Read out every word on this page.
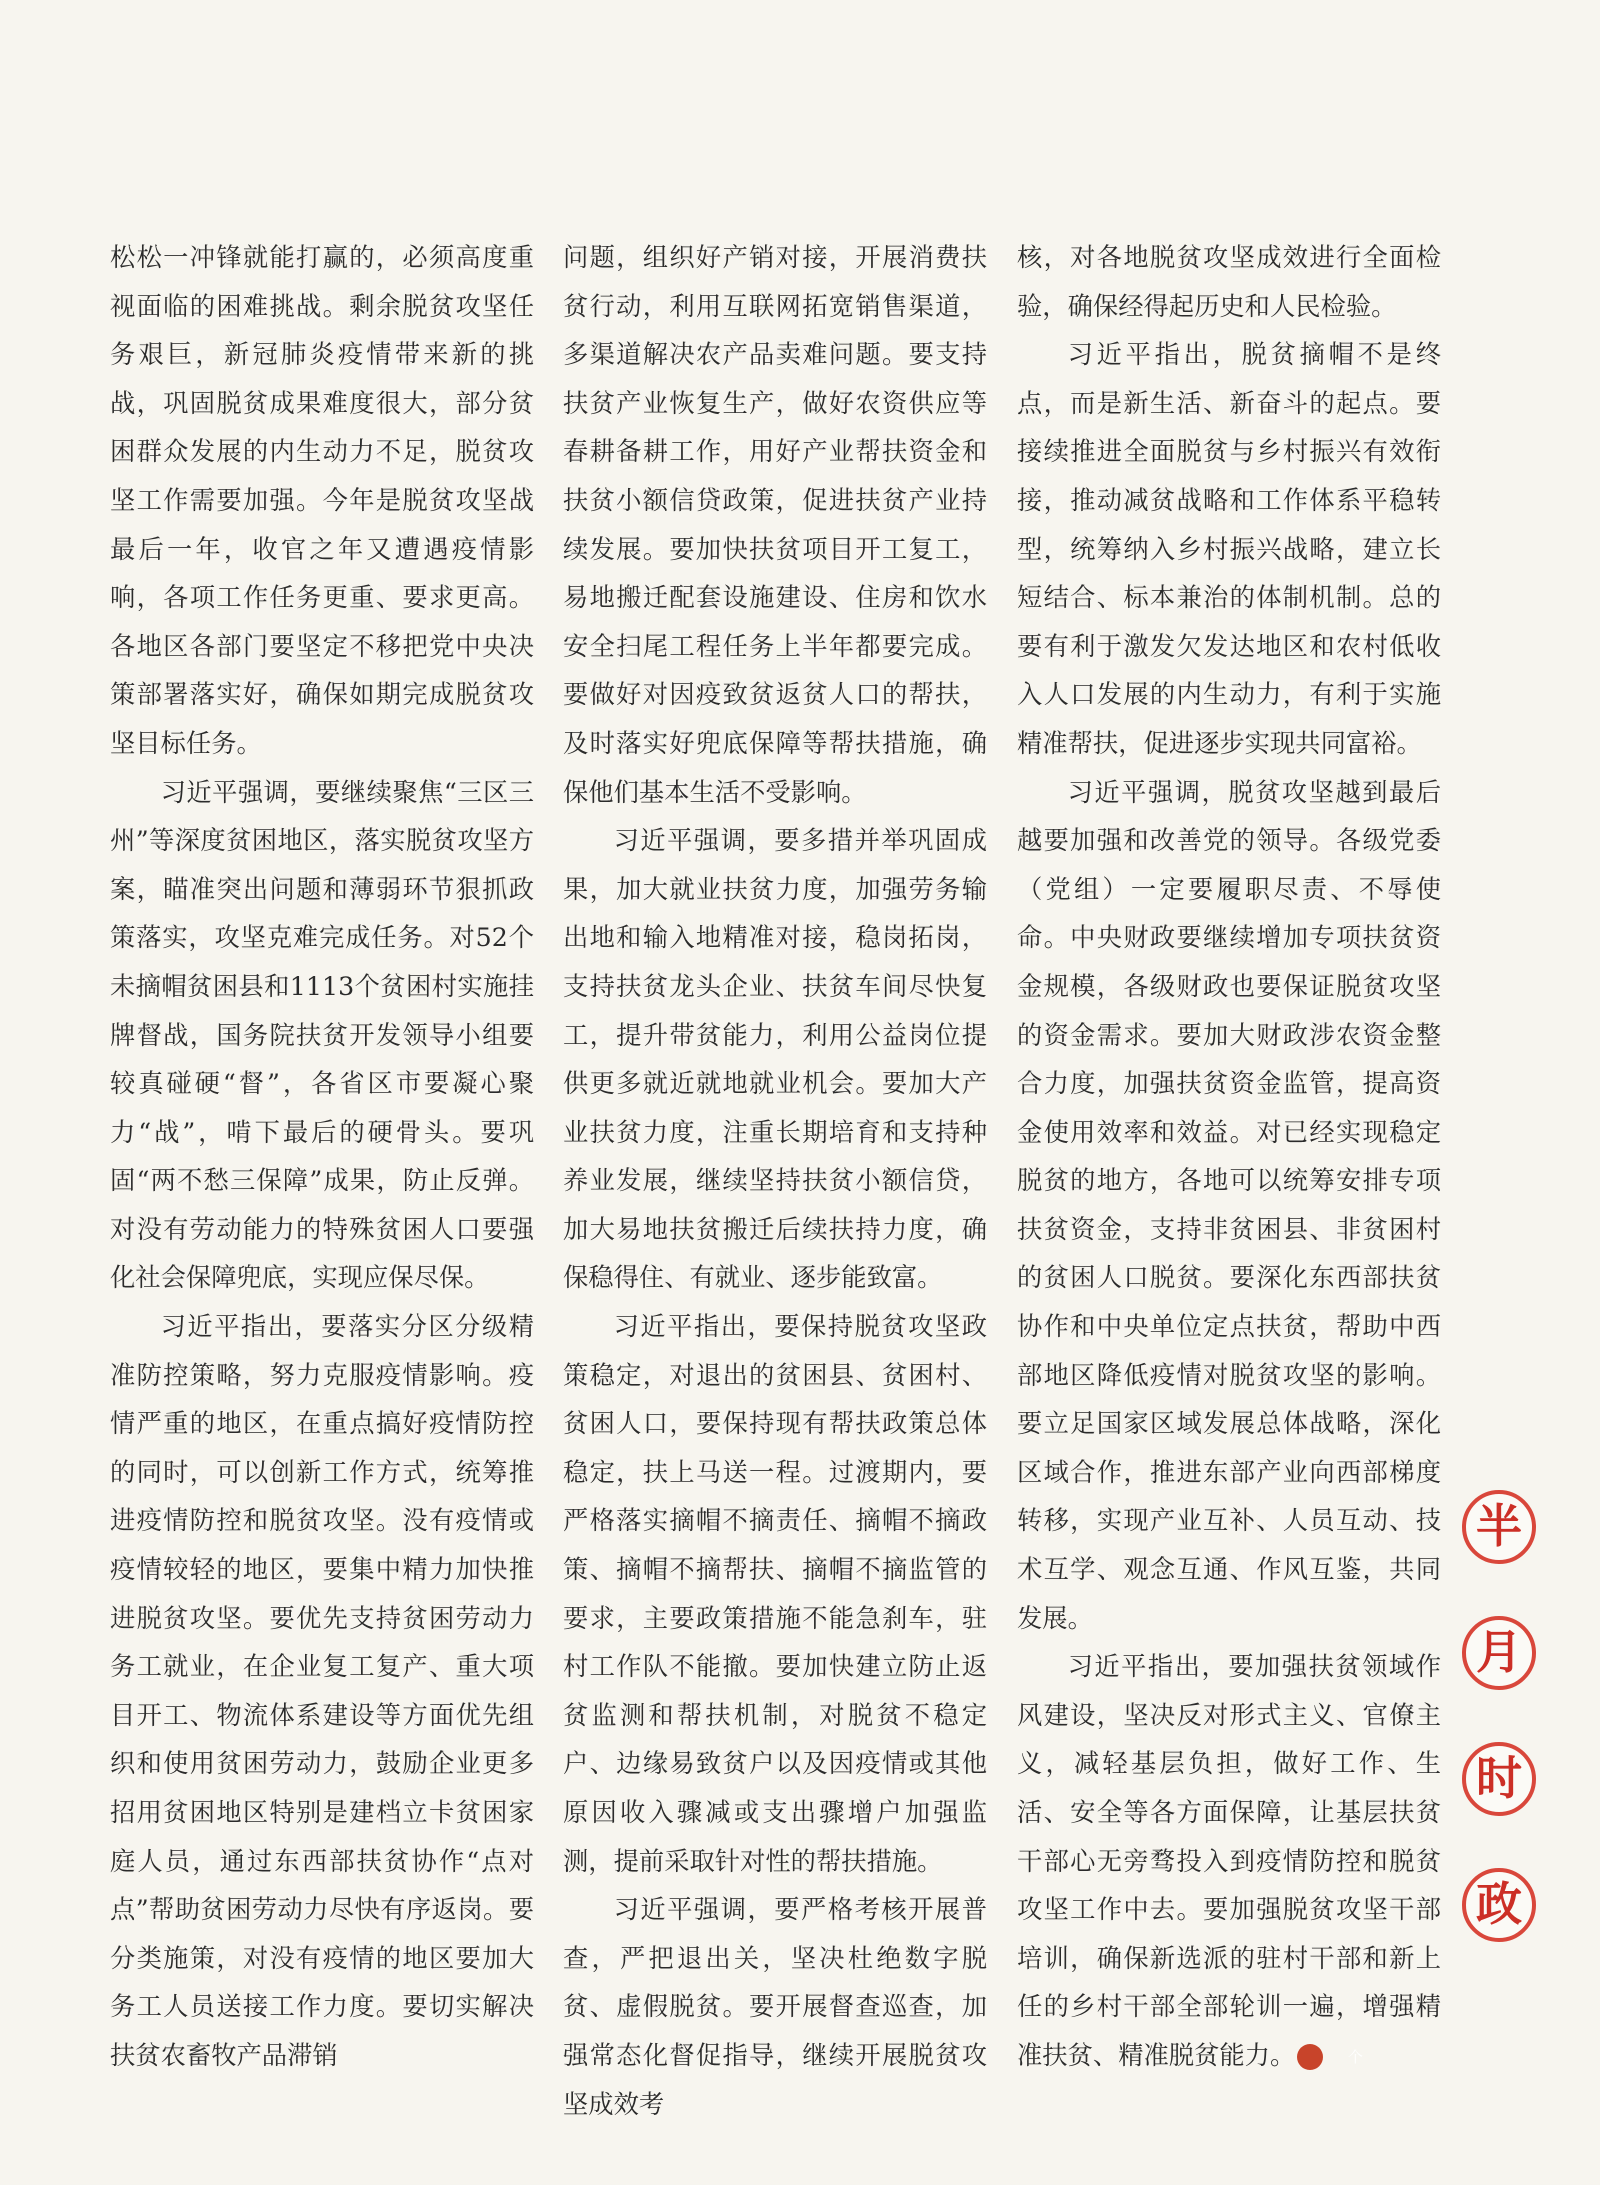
松松一冲锋就能打赢的，必须高度重视面临的困难挑战。剩余脱贫攻坚任务艰巨，新冠肺炎疫情带来新的挑战，巩固脱贫成果难度很大，部分贫困群众发展的内生动力不足，脱贫攻坚工作需要加强。今年是脱贫攻坚战最后一年，收官之年又遭遇疫情影响，各项工作任务更重、要求更高。各地区各部门要坚定不移把党中央决策部署落实好，确保如期完成脱贫攻坚目标任务。

习近平强调，要继续聚焦“三区三州”等深度贫困地区，落实脱贫攻坚方案，瞄准突出问题和薄弱环节狠抓政策落实，攻坚克难完成任务。对52个未摘帽贫困县和1113个贫困村实施挂牌督战，国务院扶贫开发领导小组要较真碰硬“督”，各省区市要凝心聚力“战”，啃下最后的硬骨头。要巩固“两不愁三保障”成果，防止反弹。对没有劳动能力的特殊贫困人口要强化社会保障兜底，实现应保尽保。

习近平指出，要落实分区分级精准防控策略，努力克服疫情影响。疫情严重的地区，在重点搞好疫情防控的同时，可以创新工作方式，统筹推进疫情防控和脱贫攻坚。没有疫情或疫情较轻的地区，要集中精力加快推进脱贫攻坚。要优先支持贫困劳动力务工就业，在企业复工复产、重大项目开工、物流体系建设等方面优先组织和使用贫困劳动力，鼓励企业更多招用贫困地区特别是建档立卡贫困家庭人员，通过东西部扶贫协作“点对点”帮助贫困劳动力尽快有序返岗。要分类施策，对没有疫情的地区要加大务工人员送接工作力度。要切实解决扶贫农畜牧产品滞销

问题，组织好产销对接，开展消费扶贫行动，利用互联网拓宽销售渠道，多渠道解决农产品卖难问题。要支持扶贫产业恢复生产，做好农资供应等春耕备耕工作，用好产业帮扶资金和扶贫小额信贷政策，促进扶贫产业持续发展。要加快扶贫项目开工复工，易地搬迁配套设施建设、住房和饮水安全扫尾工程任务上半年都要完成。要做好对因疫致贫返贫人口的帮扶，及时落实好兜底保障等帮扶措施，确保他们基本生活不受影响。

习近平强调，要多措并举巩固成果，加大就业扶贫力度，加强劳务输出地和输入地精准对接，稳岗拓岗，支持扶贫龙头企业、扶贫车间尽快复工，提升带贫能力，利用公益岗位提供更多就近就地就业机会。要加大产业扶贫力度，注重长期培育和支持种养业发展，继续坚持扶贫小额信贷，加大易地扶贫搬迁后续扶持力度，确保稳得住、有就业、逐步能致富。

习近平指出，要保持脱贫攻坚政策稳定，对退出的贫困县、贫困村、贫困人口，要保持现有帮扶政策总体稳定，扶上马送一程。过渡期内，要严格落实摘帽不摘责任、摘帽不摘政策、摘帽不摘帮扶、摘帽不摘监管的要求，主要政策措施不能急刹车，驻村工作队不能撤。要加快建立防止返贫监测和帮扶机制，对脱贫不稳定户、边缘易致贫户以及因疫情或其他原因收入骤减或支出骤增户加强监测，提前采取针对性的帮扶措施。

习近平强调，要严格考核开展普查，严把退出关，坚决杜绝数字脱贫、虚假脱贫。要开展督查巡查，加强常态化督促指导，继续开展脱贫攻坚成效考

核，对各地脱贫攻坚成效进行全面检验，确保经得起历史和人民检验。

习近平指出，脱贫摘帽不是终点，而是新生活、新奋斗的起点。要接续推进全面脱贫与乡村振兴有效衔接，推动减贫战略和工作体系平稳转型，统筹纳入乡村振兴战略，建立长短结合、标本兼治的体制机制。总的要有利于激发欠发达地区和农村低收入人口发展的内生动力，有利于实施精准帮扶，促进逐步实现共同富裕。

习近平强调，脱贫攻坚越到最后越要加强和改善党的领导。各级党委（党组）一定要履职尽责、不辱使命。中央财政要继续增加专项扶贫资金规模，各级财政也要保证脱贫攻坚的资金需求。要加大财政涉农资金整合力度，加强扶贫资金监管，提高资金使用效率和效益。对已经实现稳定脱贫的地方，各地可以统筹安排专项扶贫资金，支持非贫困县、非贫困村的贫困人口脱贫。要深化东西部扶贫协作和中央单位定点扶贫，帮助中西部地区降低疫情对脱贫攻坚的影响。要立足国家区域发展总体战略，深化区域合作，推进东部产业向西部梯度转移，实现产业互补、人员互动、技术互学、观念互通、作风互鉴，共同发展。

习近平指出，要加强扶贫领域作风建设，坚决反对形式主义、官僚主义，减轻基层负担，做好工作、生活、安全等各方面保障，让基层扶贫干部心无旁骛投入到疫情防控和脱贫攻坚工作中去。要加强脱贫攻坚干部培训，确保新选派的驻村干部和新上任的乡村干部全部轮训一遍，增强精准扶贫、精准脱贫能力。	个

半
月
时
政
